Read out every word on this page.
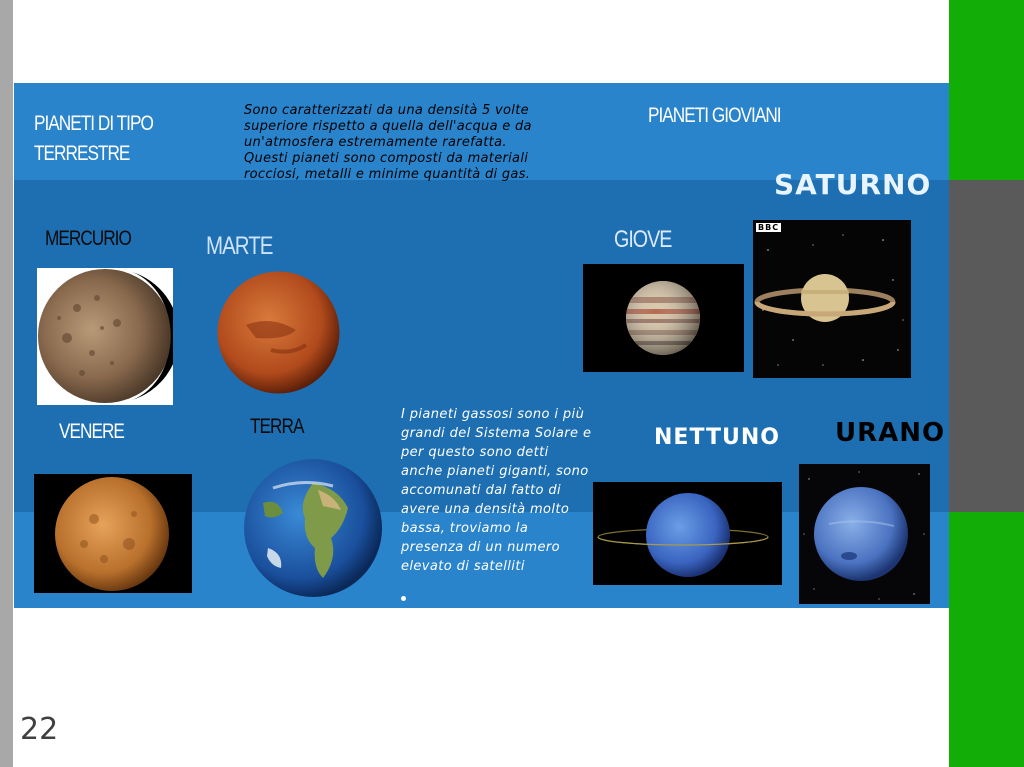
PIANETI DI TIPO TERRESTRE
Sono caratterizzati da una densità 5 volte superiore rispetto a quella dell'acqua e da un'atmosfera estremamente rarefatta. Questi pianeti sono composti da materiali rocciosi, metalli e minime quantità di gas.
PIANETI GIOVIANI
MERCURIO	MARTE
VENERE	TERRA
GIOVE
SATURNO
NETTUNO URANO
I pianeti gassosi sono i più grandi del Sistema Solare e per questo sono detti anche pianeti giganti, sono accomunati dal fatto di avere una densità molto bassa, troviamo la presenza di un numero elevato di satelliti
BBC
22
